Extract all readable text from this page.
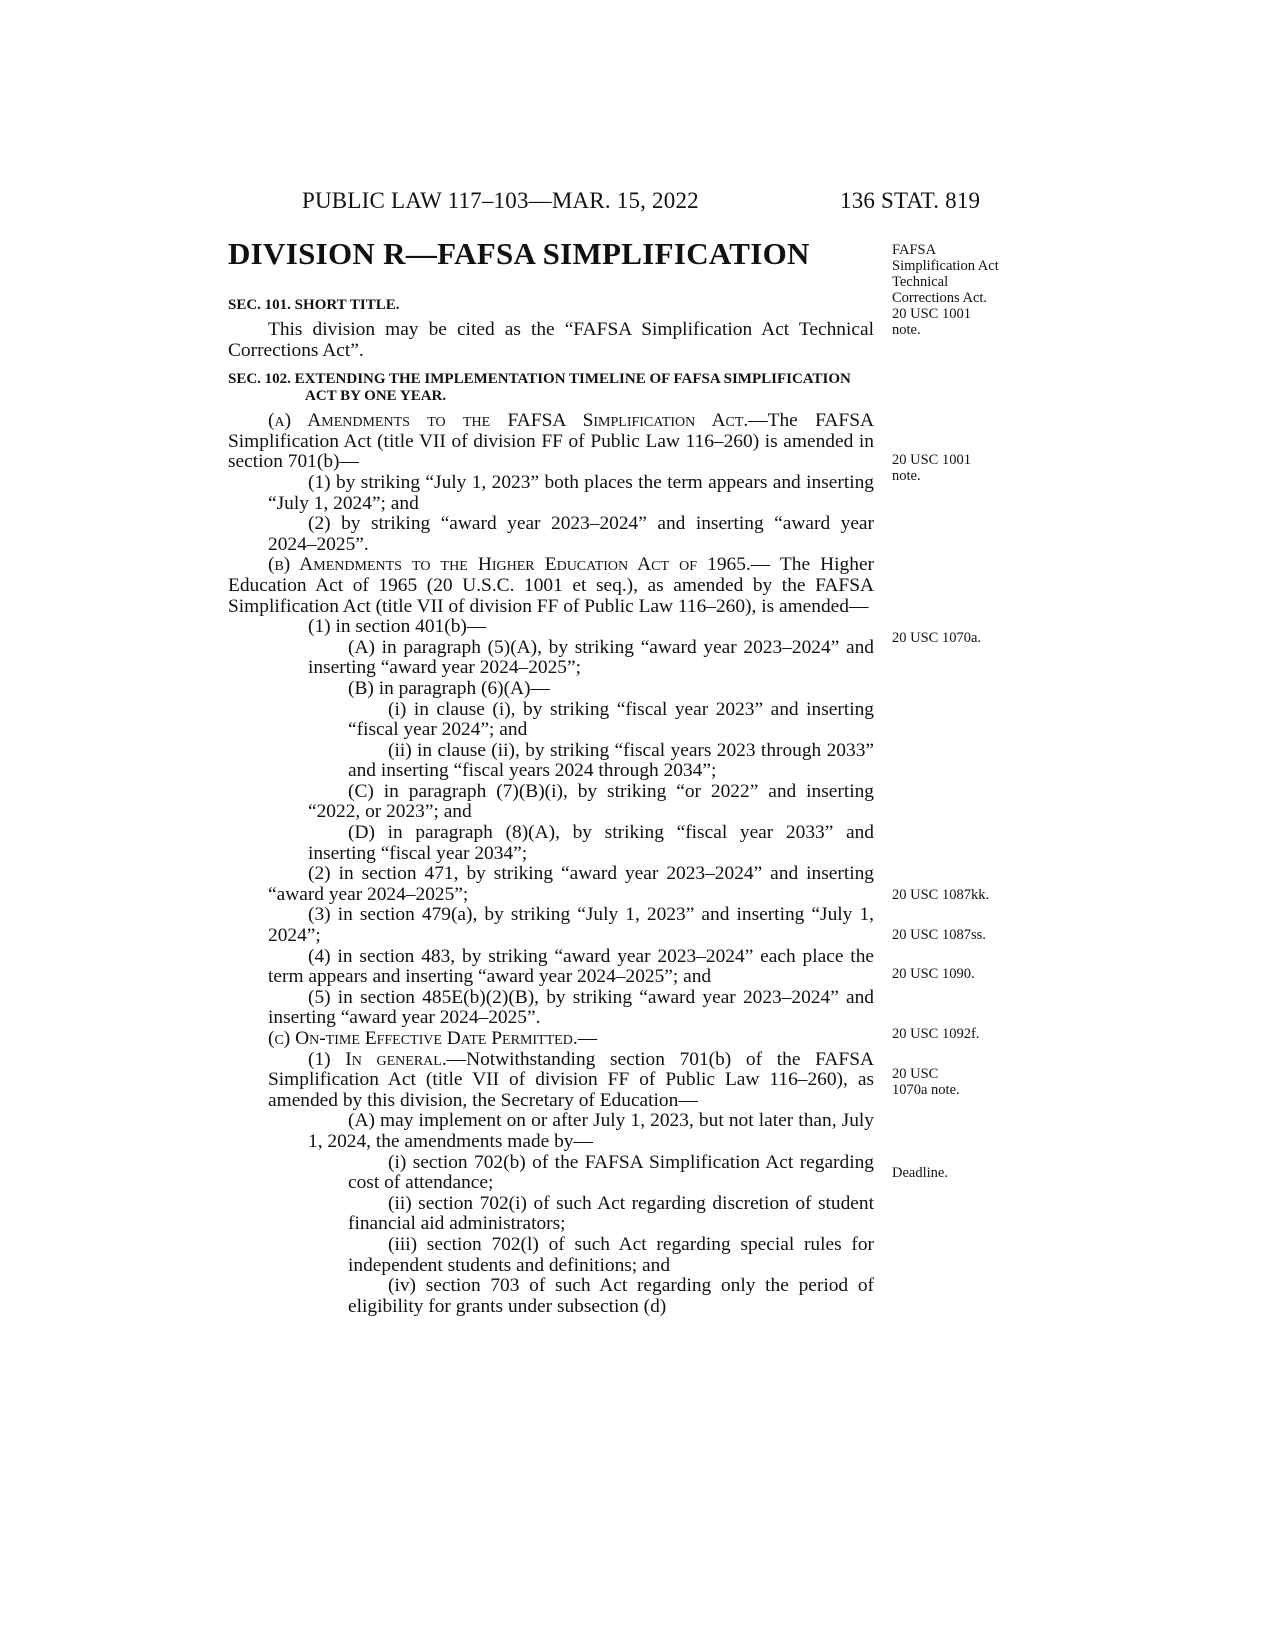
PUBLIC LAW 117–103—MAR. 15, 2022	136 STAT. 819
DIVISION R—FAFSA SIMPLIFICATION	FAFSA Simplification Act Technical Corrections Act. 20 USC 1001 note.
20 USC 1001 note.
20 USC 1070a.
20 USC 1087kk.
20 USC 1087ss.
20 USC 1090.
20 USC 1092f.
20 USC 1070a note.
Deadline.

SEC. 101. SHORT TITLE.

This division may be cited as the “FAFSA Simplification Act Technical Corrections Act”.

SEC. 102. EXTENDING THE IMPLEMENTATION TIMELINE OF FAFSA SIMPLIFICATION ACT BY ONE YEAR.

(a) Amendments to the FAFSA Simplification Act.—The FAFSA Simplification Act (title VII of division FF of Public Law 116–260) is amended in section 701(b)—

(1) by striking “July 1, 2023” both places the term appears and inserting “July 1, 2024”; and

(2) by striking “award year 2023–2024” and inserting “award year 2024–2025”.

(b) Amendments to the Higher Education Act of 1965.— The Higher Education Act of 1965 (20 U.S.C. 1001 et seq.), as amended by the FAFSA Simplification Act (title VII of division FF of Public Law 116–260), is amended—

(1) in section 401(b)—

(A) in paragraph (5)(A), by striking “award year 2023–2024” and inserting “award year 2024–2025”;

(B) in paragraph (6)(A)—

(i) in clause (i), by striking “fiscal year 2023” and inserting “fiscal year 2024”; and

(ii) in clause (ii), by striking “fiscal years 2023 through 2033” and inserting “fiscal years 2024 through 2034”;

(C) in paragraph (7)(B)(i), by striking “or 2022” and inserting “2022, or 2023”; and

(D) in paragraph (8)(A), by striking “fiscal year 2033” and inserting “fiscal year 2034”;

(2) in section 471, by striking “award year 2023–2024” and inserting “award year 2024–2025”;

(3) in section 479(a), by striking “July 1, 2023” and inserting “July 1, 2024”;

(4) in section 483, by striking “award year 2023–2024” each place the term appears and inserting “award year 2024–2025”; and

(5) in section 485E(b)(2)(B), by striking “award year 2023–2024” and inserting “award year 2024–2025”.

(c) On-time Effective Date Permitted.—

(1) In general.—Notwithstanding section 701(b) of the FAFSA Simplification Act (title VII of division FF of Public Law 116–260), as amended by this division, the Secretary of Education—

(A) may implement on or after July 1, 2023, but not later than, July 1, 2024, the amendments made by—

(i) section 702(b) of the FAFSA Simplification Act regarding cost of attendance;

(ii) section 702(i) of such Act regarding discretion of student financial aid administrators;

(iii) section 702(l) of such Act regarding special rules for independent students and definitions; and

(iv) section 703 of such Act regarding only the period of eligibility for grants under subsection (d)
